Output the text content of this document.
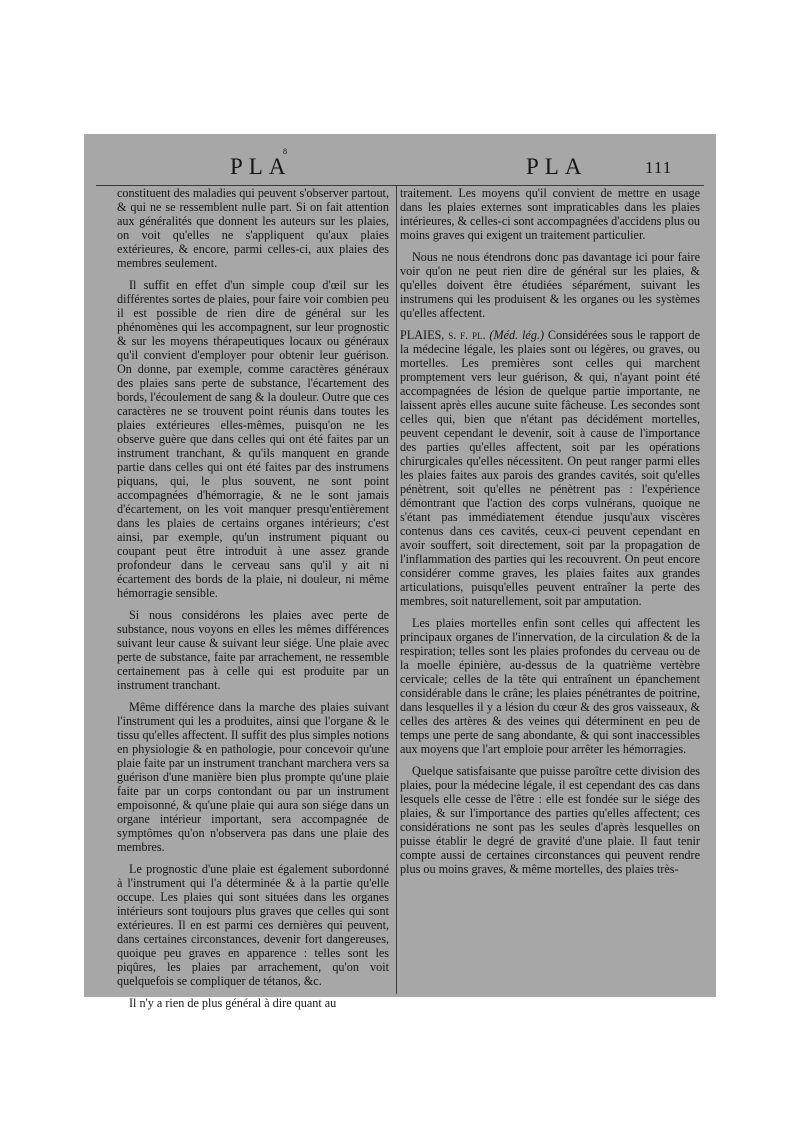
PLA
8
PLA	111

constituent des maladies qui peuvent s'observer partout, & qui ne se ressemblent nulle part. Si on fait attention aux généralités que donnent les auteurs sur les plaies, on voit qu'elles ne s'appliquent qu'aux plaies extérieures, & encore, parmi celles-ci, aux plaies des membres seulement.

Il suffit en effet d'un simple coup d'œil sur les différentes sortes de plaies, pour faire voir combien peu il est possible de rien dire de général sur les phénomènes qui les accompagnent, sur leur prognostic & sur les moyens thérapeutiques locaux ou généraux qu'il convient d'employer pour obtenir leur guérison. On donne, par exemple, comme caractères généraux des plaies sans perte de substance, l'écartement des bords, l'écoulement de sang & la douleur. Outre que ces caractères ne se trouvent point réunis dans toutes les plaies extérieures elles-mêmes, puisqu'on ne les observe guère que dans celles qui ont été faites par un instrument tranchant, & qu'ils manquent en grande partie dans celles qui ont été faites par des instrumens piquans, qui, le plus souvent, ne sont point accompagnées d'hémorragie, & ne le sont jamais d'écartement, on les voit manquer presqu'entièrement dans les plaies de certains organes intérieurs; c'est ainsi, par exemple, qu'un instrument piquant ou coupant peut être introduit à une assez grande profondeur dans le cerveau sans qu'il y ait ni écartement des bords de la plaie, ni douleur, ni même hémorragie sensible.

Si nous considérons les plaies avec perte de substance, nous voyons en elles les mêmes différences suivant leur cause & suivant leur siége. Une plaie avec perte de substance, faite par arrachement, ne ressemble certainement pas à celle qui est produite par un instrument tranchant.

Même différence dans la marche des plaies suivant l'instrument qui les a produites, ainsi que l'organe & le tissu qu'elles affectent. Il suffit des plus simples notions en physiologie & en pathologie, pour concevoir qu'une plaie faite par un instrument tranchant marchera vers sa guérison d'une manière bien plus prompte qu'une plaie faite par un corps contondant ou par un instrument empoisonné, & qu'une plaie qui aura son siége dans un organe intérieur important, sera accompagnée de symptômes qu'on n'observera pas dans une plaie des membres.

Le prognostic d'une plaie est également subordonné à l'instrument qui l'a déterminée & à la partie qu'elle occupe. Les plaies qui sont situées dans les organes intérieurs sont toujours plus graves que celles qui sont extérieures. Il en est parmi ces dernières qui peuvent, dans certaines circonstances, devenir fort dangereuses, quoique peu graves en apparence : telles sont les piqûres, les plaies par arrachement, qu'on voit quelquefois se compliquer de tétanos, &c.

Il n'y a rien de plus général à dire quant au

traitement. Les moyens qu'il convient de mettre en usage dans les plaies externes sont impraticables dans les plaies intérieures, & celles-ci sont accompagnées d'accidens plus ou moins graves qui exigent un traitement particulier.

Nous ne nous étendrons donc pas davantage ici pour faire voir qu'on ne peut rien dire de général sur les plaies, & qu'elles doivent être étudiées séparément, suivant les instrumens qui les produisent & les organes ou les systèmes qu'elles affectent.

PLAIES, s. f. pl. (Méd. lég.) Considérées sous le rapport de la médecine légale, les plaies sont ou légères, ou graves, ou mortelles. Les premières sont celles qui marchent promptement vers leur guérison, & qui, n'ayant point été accompagnées de lésion de quelque partie importante, ne laissent après elles aucune suite fâcheuse. Les secondes sont celles qui, bien que n'étant pas décidément mortelles, peuvent cependant le devenir, soit à cause de l'importance des parties qu'elles affectent, soit par les opérations chirurgicales qu'elles nécessitent. On peut ranger parmi elles les plaies faites aux parois des grandes cavités, soit qu'elles pénètrent, soit qu'elles ne pénètrent pas : l'expérience démontrant que l'action des corps vulnérans, quoique ne s'étant pas immédiatement étendue jusqu'aux viscères contenus dans ces cavités, ceux-ci peuvent cependant en avoir souffert, soit directement, soit par la propagation de l'inflammation des parties qui les recouvrent. On peut encore considérer comme graves, les plaies faites aux grandes articulations, puisqu'elles peuvent entraîner la perte des membres, soit naturellement, soit par amputation.

Les plaies mortelles enfin sont celles qui affectent les principaux organes de l'innervation, de la circulation & de la respiration; telles sont les plaies profondes du cerveau ou de la moelle épinière, au-dessus de la quatrième vertèbre cervicale; celles de la tête qui entraînent un épanchement considérable dans le crâne; les plaies pénétrantes de poitrine, dans lesquelles il y a lésion du cœur & des gros vaisseaux, & celles des artères & des veines qui déterminent en peu de temps une perte de sang abondante, & qui sont inaccessibles aux moyens que l'art emploie pour arrêter les hémorragies.

Quelque satisfaisante que puisse paroître cette division des plaies, pour la médecine légale, il est cependant des cas dans lesquels elle cesse de l'être : elle est fondée sur le siége des plaies, & sur l'importance des parties qu'elles affectent; ces considérations ne sont pas les seules d'après lesquelles on puisse établir le degré de gravité d'une plaie. Il faut tenir compte aussi de certaines circonstances qui peuvent rendre plus ou moins graves, & même mortelles, des plaies très-
